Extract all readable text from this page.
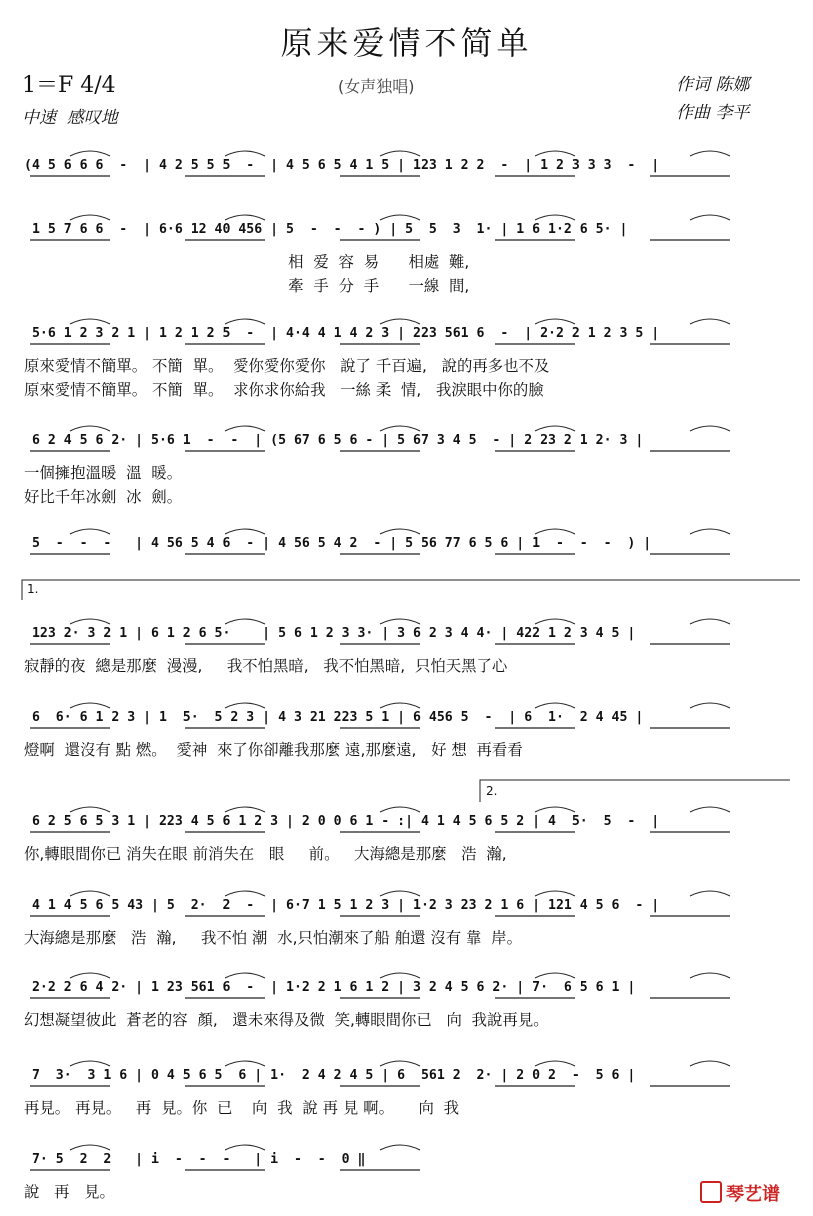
原来爱情不简单
1＝F 4/4
中速  感叹地
(女声独唱)	作词 陈娜
作曲 李平
(4 5 6 6 6  -  | 4 2 5 5 5  -  | 4 5 6 5 4 1 5 | 123 1 2 2  -  | 1 2 3 3 3  -  |
1 5 7 6 6  -  | 6·6 12 40 456 | 5  -  -  - ) | 5  5  3  1· | 1 6 1·2 6 5· |
相  爱  容  易      相處  難,
牽  手  分  手      一線  間,
5·6 1 2 3 2 1 | 1 2 1 2 5  -  | 4·4 4 1 4 2 3 | 223 561 6  -  | 2·2 2 1 2 3 5 |
原來愛情不簡單。 不簡  單。  愛你愛你愛你   說了 千百遍,   說的再多也不及
原來愛情不簡單。 不簡  單。  求你求你給我   一絲 柔  情,   我淚眼中你的臉
6 2 4 5 6 2· | 5·6 1  -  -  | (5 67 6 5 6 - | 5 67 3 4 5  - | 2 23 2 1 2· 3 |
一個擁抱溫暖  溫  暖。
好比千年冰劍  冰  劍。
5  -  -  -   | 4 56 5 4 6  - | 4 56 5 4 2  - | 5 56 77 6 5 6 | 1  -  -  -  ) |
123 2· 3 2 1 | 6 1 2 6 5·    | 5 6 1 2 3 3· | 3 6 2 3 4 4· | 422 1 2 3 4 5 |
寂靜的夜  總是那麼  漫漫,     我不怕黑暗,   我不怕黑暗,  只怕天黑了心
6  6· 6 1 2 3 | 1  5·  5 2 3 | 4 3 21 223 5 1 | 6 456 5  -  | 6  1·  2 4 45 |
燈啊  還沒有 點 燃。  愛神  來了你卻離我那麼 遠,那麼遠,   好 想  再看看
6 2 5 6 5 3 1 | 223 4 5 6 1 2 3 | 2 0 0 6 1 - :| 4 1 4 5 6 5 2 | 4  5·  5  -  |
你,轉眼間你已 消失在眼 前消失在   眼     前。   大海總是那麼   浩  瀚,
4 1 4 5 6 5 43 | 5  2·  2  -  | 6·7 1 5 1 2 3 | 1·2 3 23 2 1 6 | 121 4 5 6  - |
大海總是那麼   浩  瀚,     我不怕 潮  水,只怕潮來了船 舶還 沒有 靠  岸。
2·2 2 6 4 2· | 1 23 561 6  -  | 1·2 2 1 6 1 2 | 3 2 4 5 6 2· | 7·  6 5 6 1 |
幻想凝望彼此  蒼老的容  顏,   還未來得及微  笑,轉眼間你已   向  我說再見。
7  3·  3 1 6 | 0 4 5 6 5  6 | 1·  2 4 2 4 5 | 6  561 2  2· | 2 0 2  -  5 6 |
再見。 再見。   再  見。你  已    向  我  說 再 見 啊。     向  我
7· 5  2  2   | i  -  -  -   | i  -  -  0 ‖
說   再   見。
1.
2.
琴艺谱
